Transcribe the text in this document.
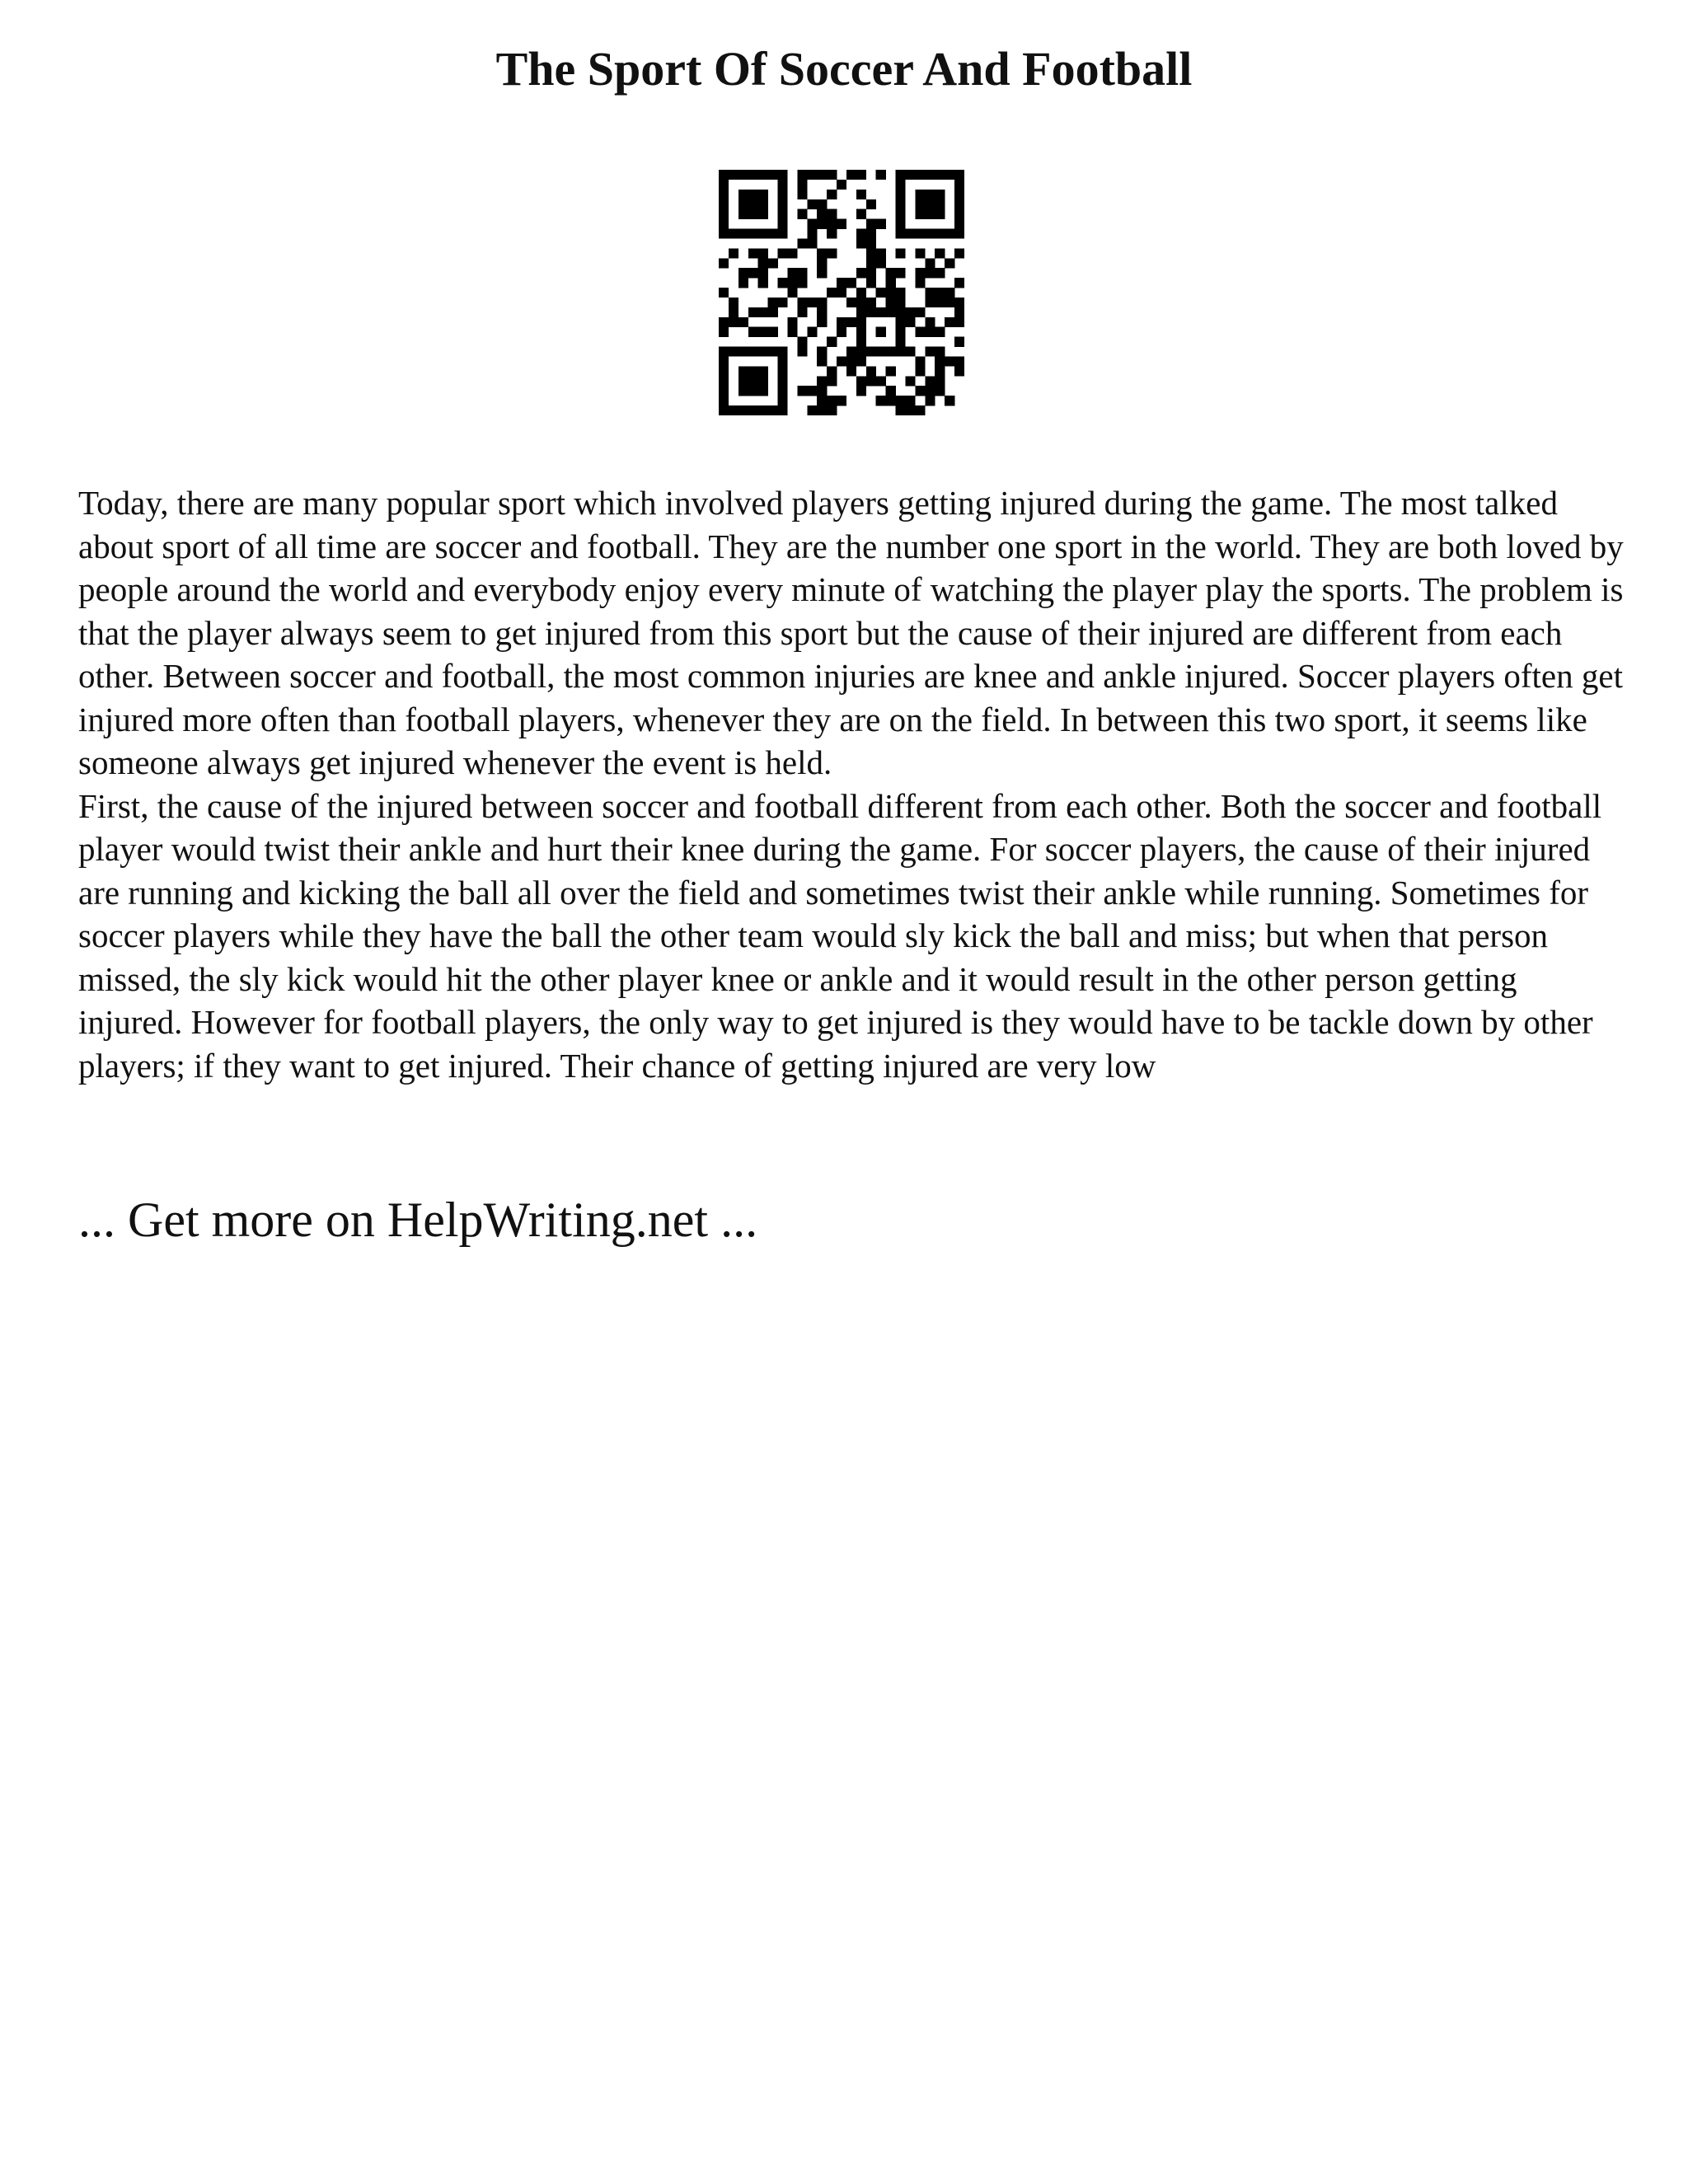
The Sport Of Soccer And Football

Today, there are many popular sport which involved players getting injured during the game. The most talked about sport of all time are soccer and football. They are the number one sport in the world. They are both loved by people around the world and everybody enjoy every minute of watching the player play the sports. The problem is that the player always seem to get injured from this sport but the cause of their injured are different from each other. Between soccer and football, the most common injuries are knee and ankle injured. Soccer players often get injured more often than football players, whenever they are on the field. In between this two sport, it seems like someone always get injured whenever the event is held.

First, the cause of the injured between soccer and football different from each other. Both the soccer and football player would twist their ankle and hurt their knee during the game. For soccer players, the cause of their injured are running and kicking the ball all over the field and sometimes twist their ankle while running. Sometimes for soccer players while they have the ball the other team would sly kick the ball and miss; but when that person missed, the sly kick would hit the other player knee or ankle and it would result in the other person getting injured. However for football players, the only way to get injured is they would have to be tackle down by other players; if they want to get injured. Their chance of getting injured are very low

... Get more on HelpWriting.net ...
